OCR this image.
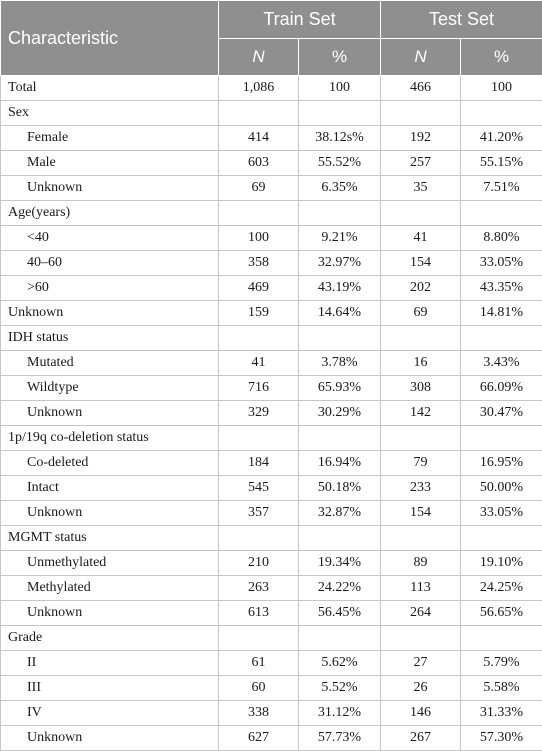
Characteristic	Train Set		Test Set	
	N	%	N	%
Total	1,086	100	466	100
Sex				
Female	414	38.12s%	192	41.20%
Male	603	55.52%	257	55.15%
Unknown	69	6.35%	35	7.51%
Age(years)				
<40	100	9.21%	41	8.80%
40–60	358	32.97%	154	33.05%
>60	469	43.19%	202	43.35%
Unknown	159	14.64%	69	14.81%
IDH status				
Mutated	41	3.78%	16	3.43%
Wildtype	716	65.93%	308	66.09%
Unknown	329	30.29%	142	30.47%
1p/19q co-deletion status				
Co-deleted	184	16.94%	79	16.95%
Intact	545	50.18%	233	50.00%
Unknown	357	32.87%	154	33.05%
MGMT status				
Unmethylated	210	19.34%	89	19.10%
Methylated	263	24.22%	113	24.25%
Unknown	613	56.45%	264	56.65%
Grade				
II	61	5.62%	27	5.79%
III	60	5.52%	26	5.58%
IV	338	31.12%	146	31.33%
Unknown	627	57.73%	267	57.30%
